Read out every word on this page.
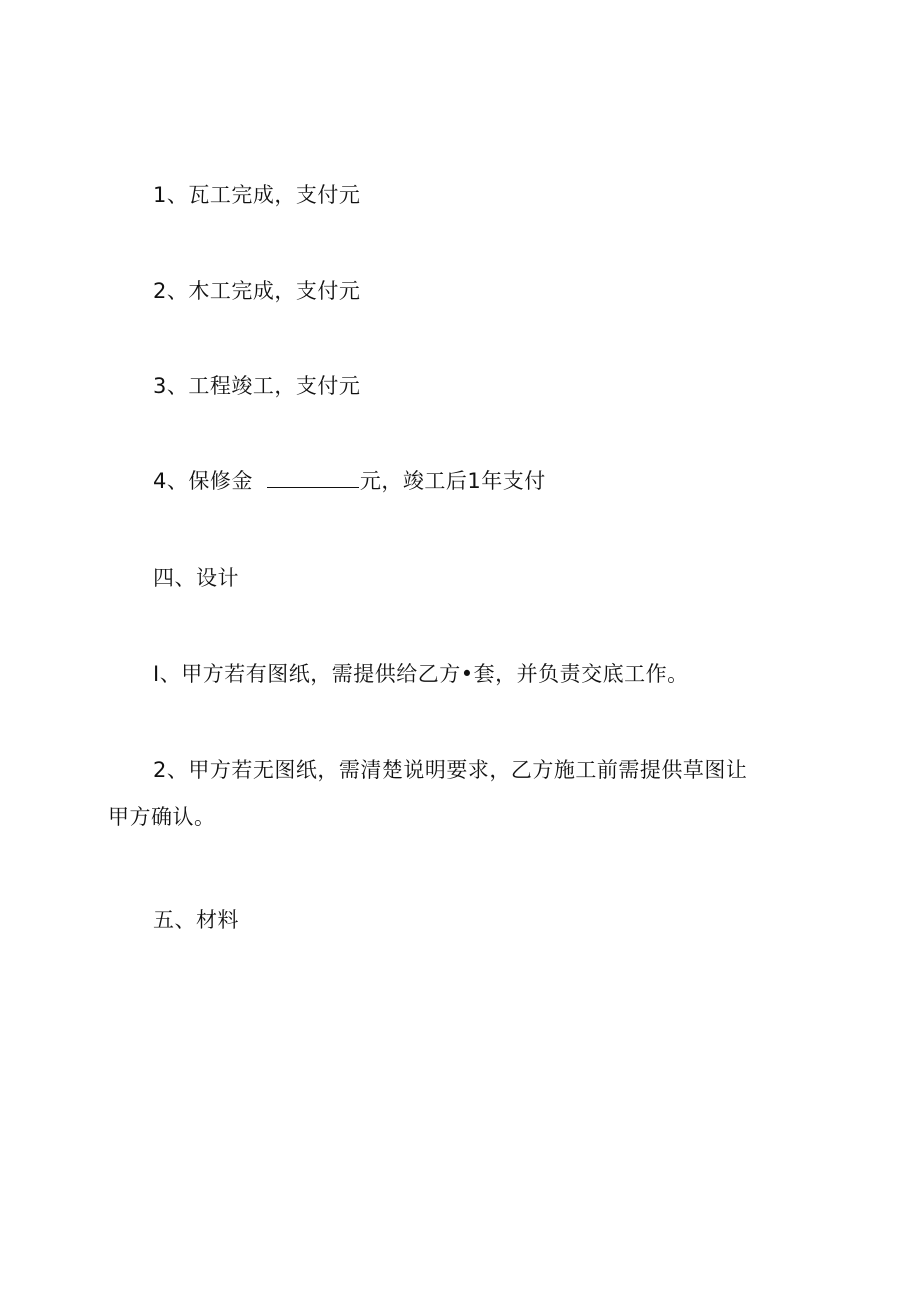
1、瓦工完成，支付元
2、木工完成，支付元
3、工程竣工，支付元
4、保修金	元，竣工后1年支付
四、设计
I、甲方若有图纸，需提供给乙方•套，并负责交底工作。
2、甲方若无图纸，需清楚说明要求，乙方施工前需提供草图让
甲方确认。
五、材料
